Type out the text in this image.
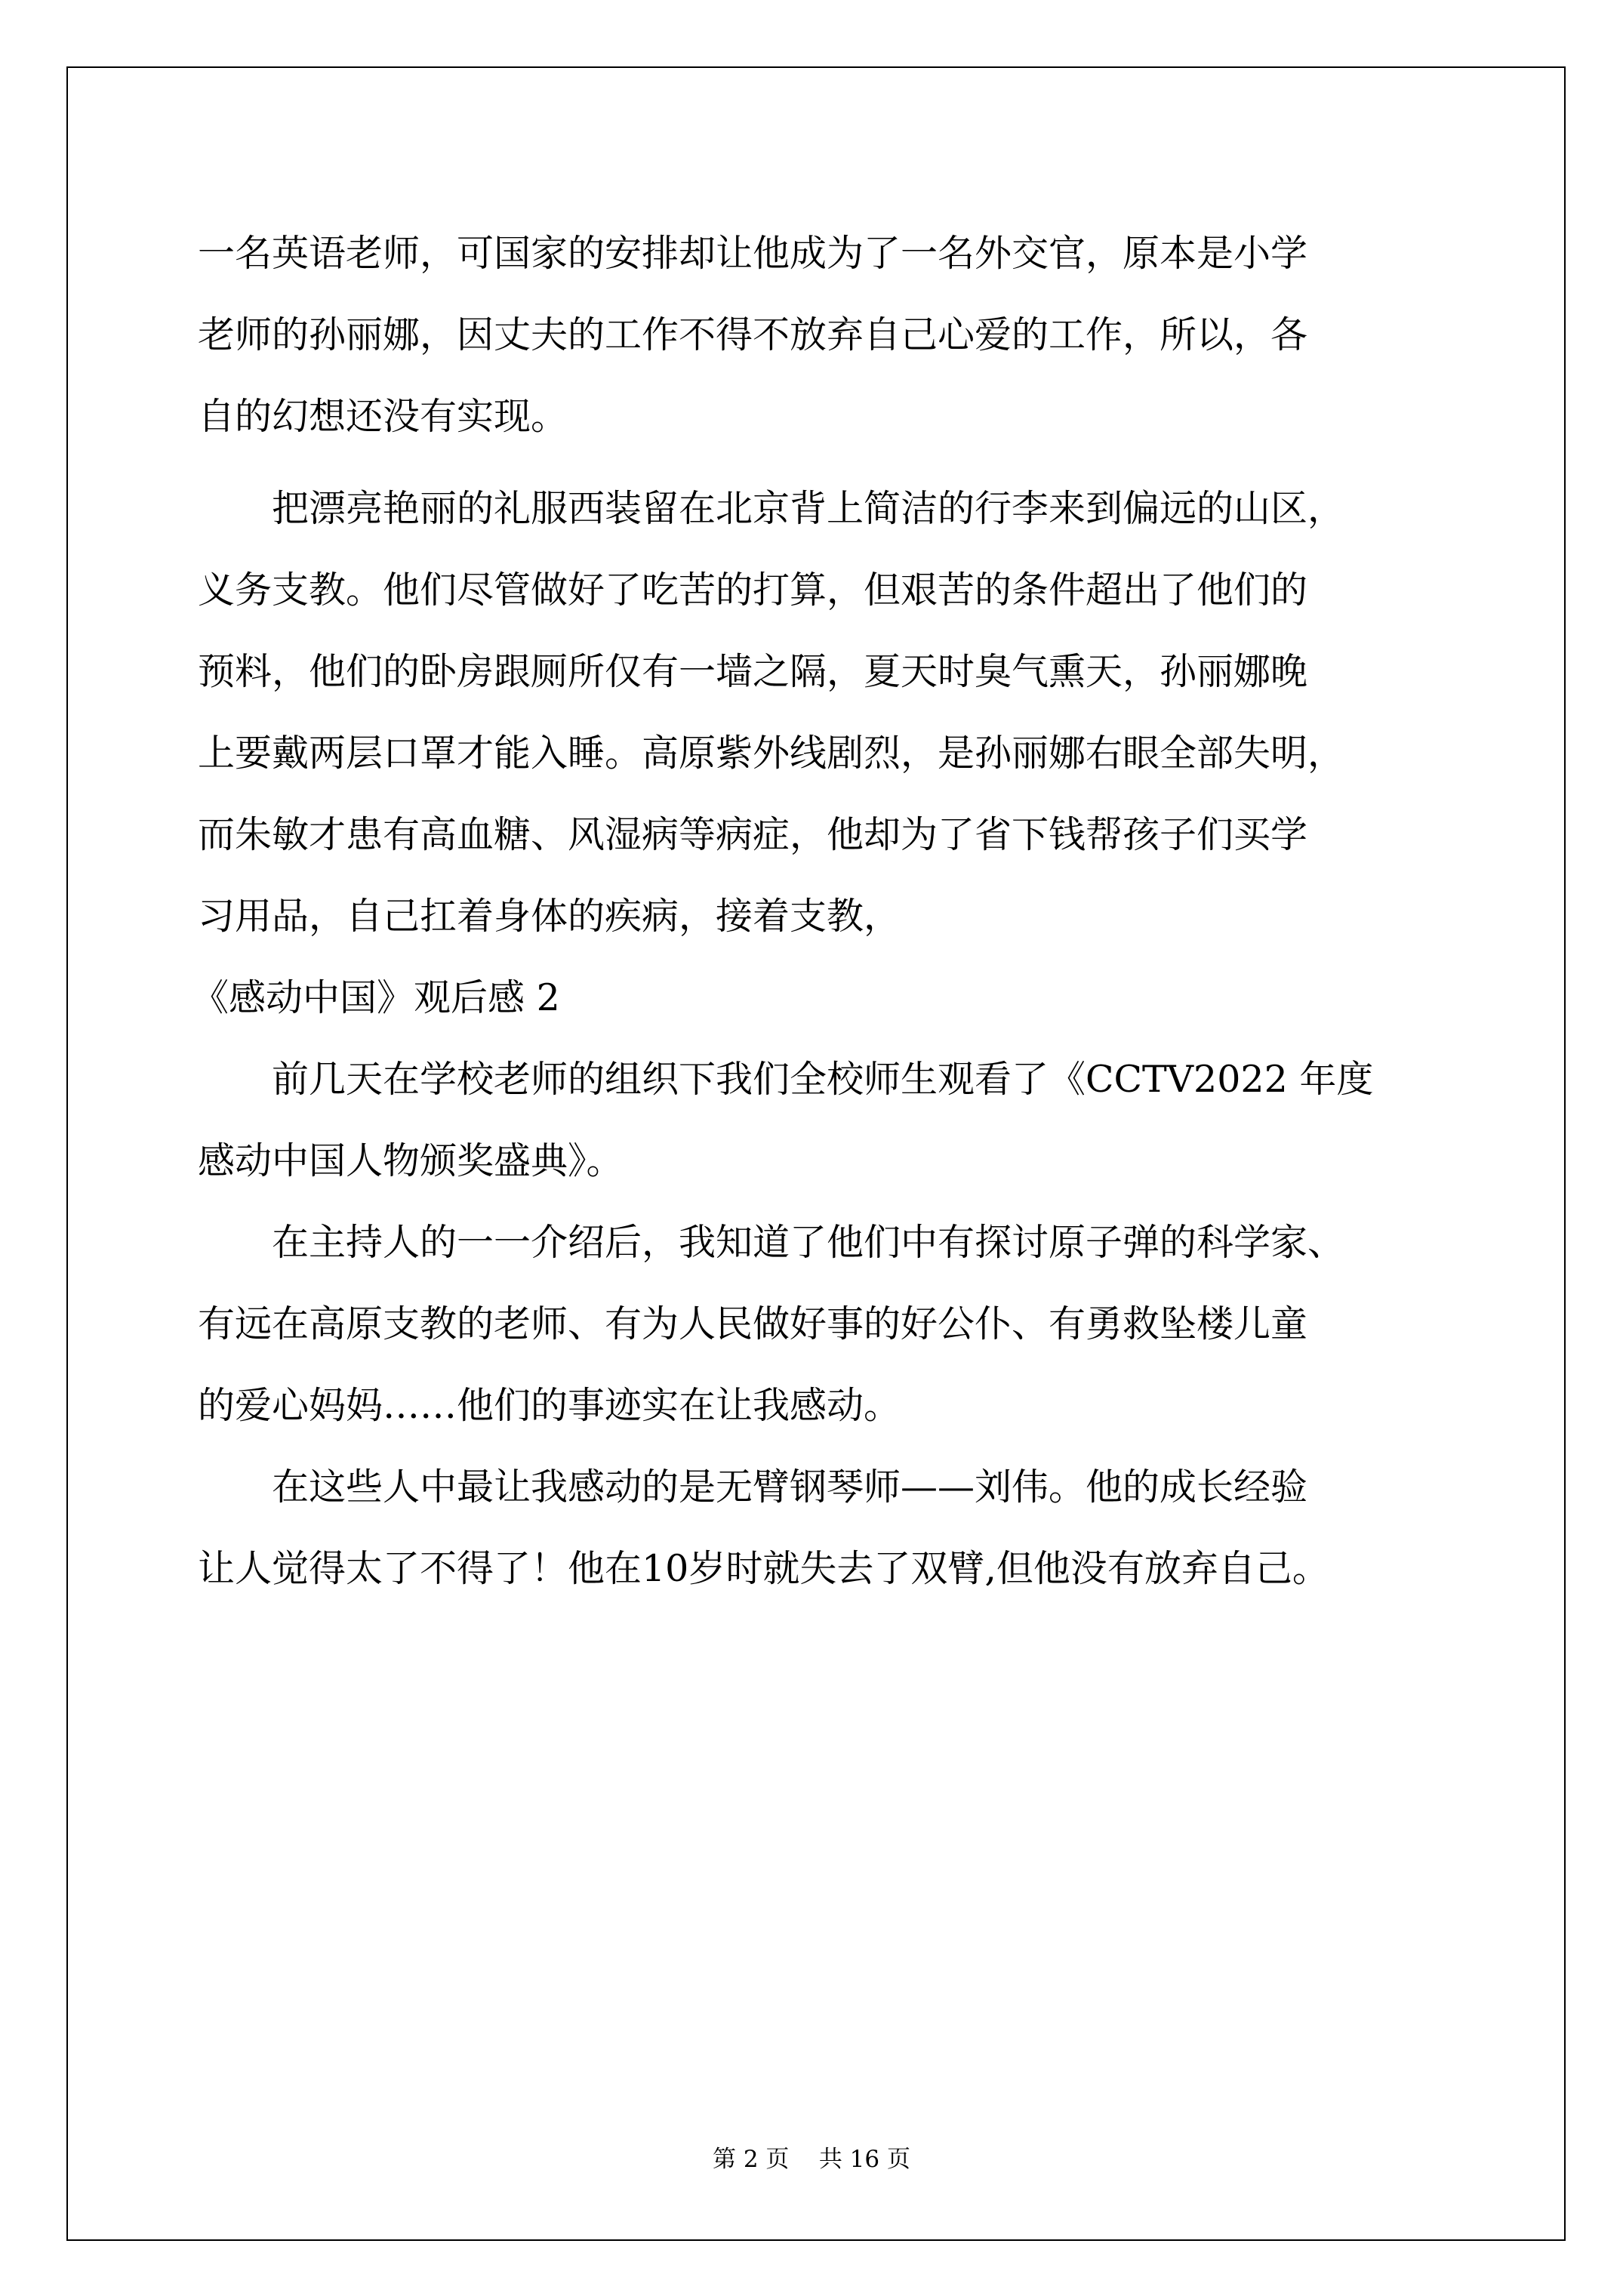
一名英语老师，可国家的安排却让他成为了一名外交官，原本是小学
老师的孙丽娜，因丈夫的工作不得不放弃自己心爱的工作，所以，各
自的幻想还没有实现。
　　把漂亮艳丽的礼服西装留在北京背上简洁的行李来到偏远的山区，
义务支教。他们尽管做好了吃苦的打算，但艰苦的条件超出了他们的
预料，他们的卧房跟厕所仅有一墙之隔，夏天时臭气熏天，孙丽娜晚
上要戴两层口罩才能入睡。高原紫外线剧烈，是孙丽娜右眼全部失明，
而朱敏才患有高血糖、风湿病等病症，他却为了省下钱帮孩子们买学
习用品，自己扛着身体的疾病，接着支教，
《感动中国》观后感 2
　　前几天在学校老师的组织下我们全校师生观看了《CCTV2022 年度
感动中国人物颁奖盛典》。
　　在主持人的一一介绍后，我知道了他们中有探讨原子弹的科学家、
有远在高原支教的老师、有为人民做好事的好公仆、有勇救坠楼儿童
的爱心妈妈……他们的事迹实在让我感动。
　　在这些人中最让我感动的是无臂钢琴师——刘伟。他的成长经验
让人觉得太了不得了！他在10岁时就失去了双臂,但他没有放弃自己。
第 2 页    共 16 页
